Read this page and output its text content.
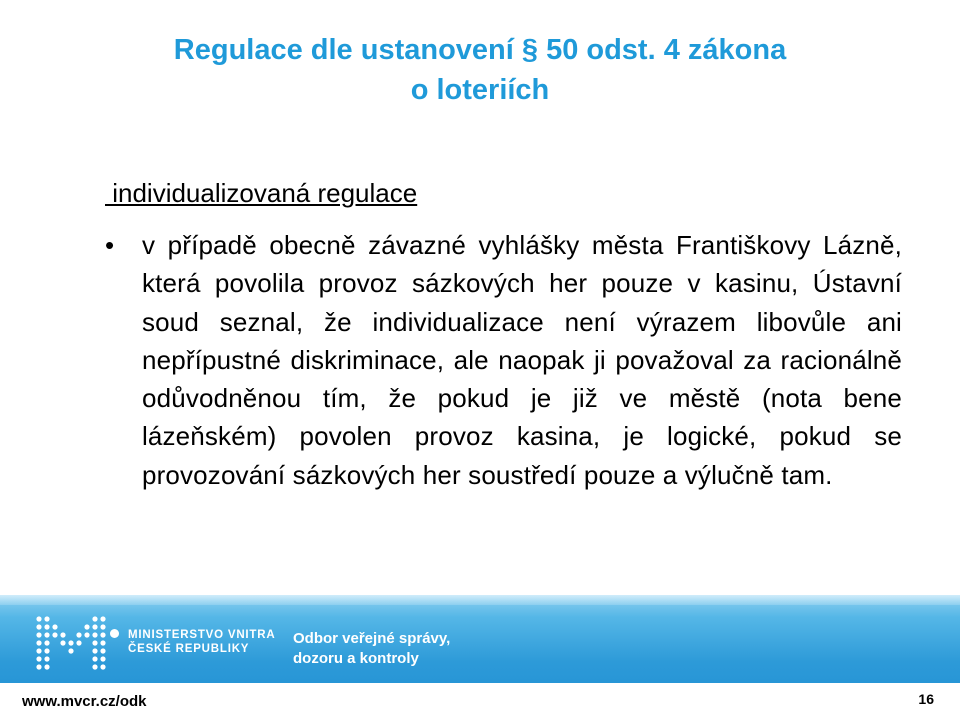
Regulace dle ustanovení § 50 odst. 4 zákona
o loteriích
individualizovaná regulace
• v případě obecně závazné vyhlášky města Františkovy Lázně, která povolila provoz sázkových her pouze v kasinu, Ústavní soud seznal, že individualizace není výrazem libovůle ani nepřípustné diskriminace, ale naopak ji považoval za racionálně odůvodněnou tím, že pokud je již ve městě (nota bene lázeňském) povolen provoz kasina, je logické, pokud se provozování sázkových her soustředí pouze a výlučně tam.
MINISTERSTVO VNITRA
ČESKÉ REPUBLIKY
Odbor veřejné správy,
dozoru a kontroly
www.mvcr.cz/odk	16
